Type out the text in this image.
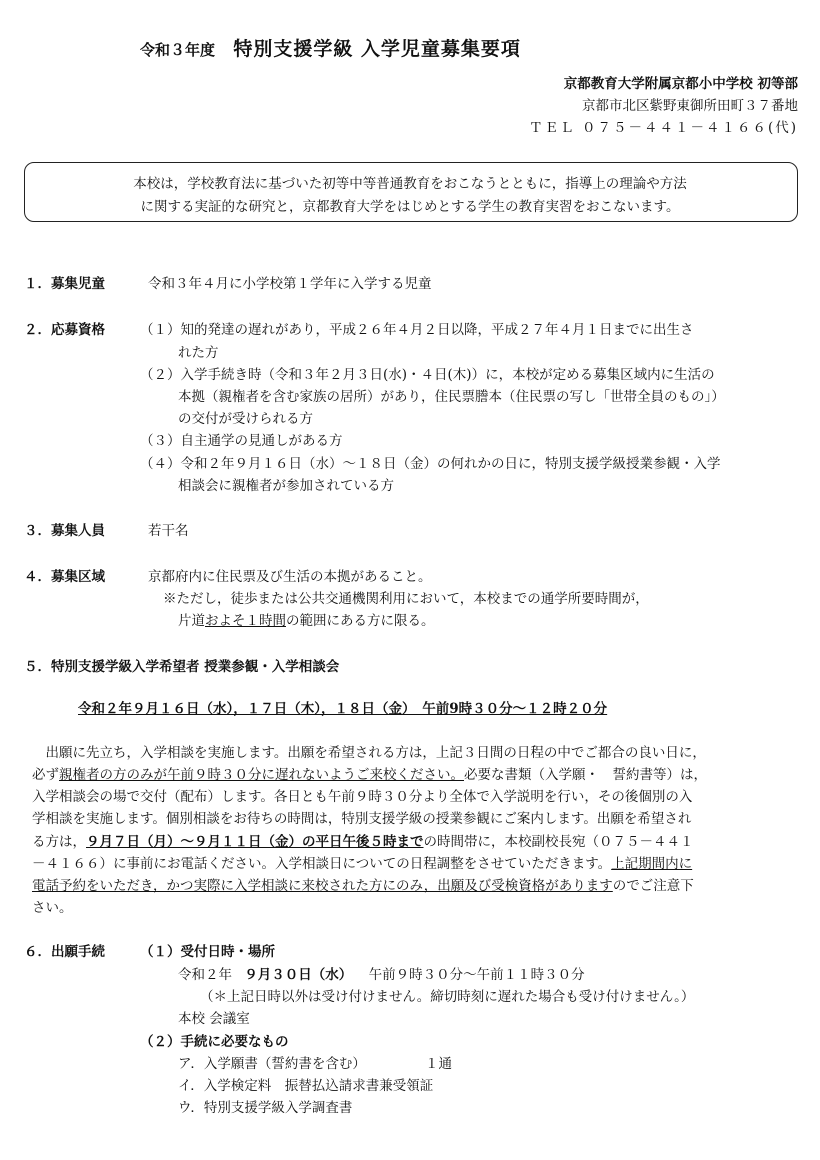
令和３年度 特別支援学級 入学児童募集要項
京都教育大学附属京都小中学校 初等部
京都市北区紫野東御所田町３７番地
ＴＥＬ ０７５－４４１－４１６６(代)
本校は，学校教育法に基づいた初等中等普通教育をおこなうとともに，指導上の理論や方法
に関する実証的な研究と，京都教育大学をはじめとする学生の教育実習をおこないます。
１．募集児童	令和３年４月に小学校第１学年に入学する児童
２．応募資格	（１）知的発達の遅れがあり，平成２６年４月２日以降，平成２７年４月１日までに出生さ
れた方
（２）入学手続き時（令和３年２月３日(水)・４日(木)）に，本校が定める募集区域内に生活の
本拠（親権者を含む家族の居所）があり，住民票謄本（住民票の写し「世帯全員のもの」）
の交付が受けられる方
（３）自主通学の見通しがある方
（４）令和２年９月１６日（水）～１８日（金）の何れかの日に，特別支援学級授業参観・入学
相談会に親権者が参加されている方
３．募集人員	若干名
４．募集区域	京都府内に住民票及び生活の本拠があること。
※ただし，徒歩または公共交通機関利用において，本校までの通学所要時間が，
片道およそ１時間の範囲にある方に限る。
５．特別支援学級入学希望者 授業参観・入学相談会
令和２年９月１６日（水），１７日（木），１８日（金）　午前9時３０分～１２時２０分
　出願に先立ち，入学相談を実施します。出願を希望される方は，上記３日間の日程の中でご都合の良い日に，
必ず親権者の方のみが午前９時３０分に遅れないようご来校ください。必要な書類（入学願・　誓約書等）は，
入学相談会の場で交付（配布）します。各日とも午前９時３０分より全体で入学説明を行い，その後個別の入
学相談を実施します。個別相談をお待ちの時間は，特別支援学級の授業参観にご案内します。出願を希望され
る方は，９月７日（月）～９月１１日（金）の平日午後５時までの時間帯に，本校副校長宛（０７５－４４１
－４１６６）に事前にお電話ください。入学相談日についての日程調整をさせていただきます。上記期間内に
電話予約をいただき，かつ実際に入学相談に来校された方にのみ，出願及び受検資格がありますのでご注意下
さい。
６．出願手続	（１）受付日時・場所
令和２年 ９月３０日（水） 午前９時３０分～午前１１時３０分
（＊上記日時以外は受け付けません。締切時刻に遅れた場合も受け付けません。）
本校 会議室
（２）手続に必要なもの
ア．入学願書（誓約書を含む）	１通
イ．入学検定料　振替払込請求書兼受領証
ウ．特別支援学級入学調査書
